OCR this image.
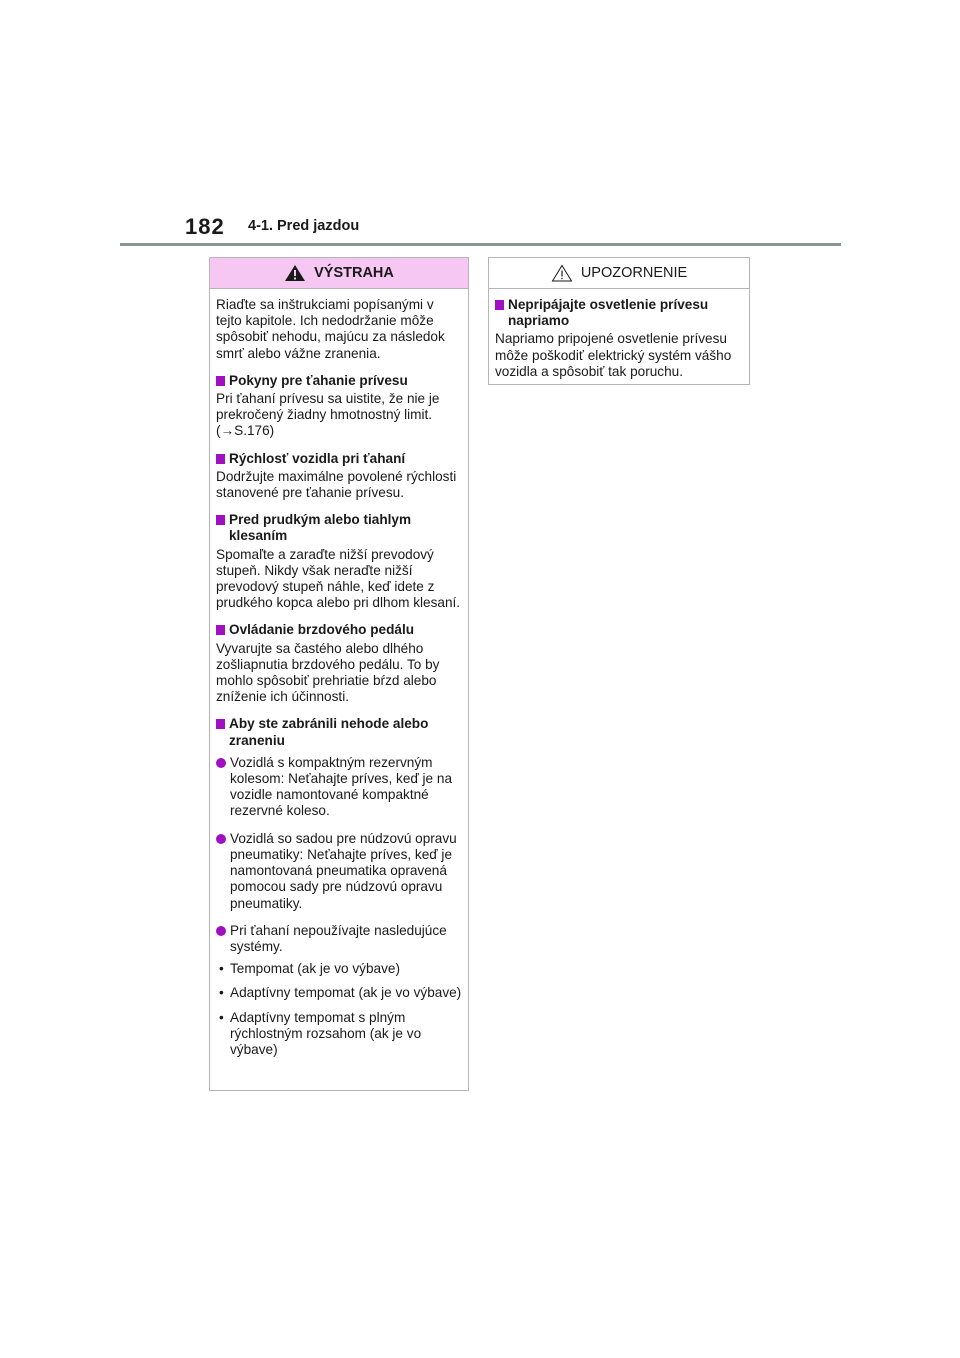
182 4-1. Pred jazdou
VÝSTRAHA

Riaďte sa inštrukciami popísanými v tejto kapitole. Ich nedodržanie môže spôsobiť nehodu, majúcu za následok smrť alebo vážne zranenia.

Pokyny pre ťahanie prívesu

Pri ťahaní prívesu sa uistite, že nie je prekročený žiadny hmotnostný limit. (→S.176)

Rýchlosť vozidla pri ťahaní

Dodržujte maximálne povolené rýchlosti stanovené pre ťahanie prívesu.

Pred prudkým alebo tiahlym klesaním

Spomaľte a zaraďte nižší prevodový stupeň. Nikdy však neraďte nižší prevodový stupeň náhle, keď idete z prudkého kopca alebo pri dlhom klesaní.

Ovládanie brzdového pedálu

Vyvarujte sa častého alebo dlhého zošliapnutia brzdového pedálu. To by mohlo spôsobiť prehriatie bŕzd alebo zníženie ich účinnosti.

Aby ste zabránili nehode alebo zraneniu
Vozidlá s kompaktným rezervným kolesom: Neťahajte príves, keď je na vozidle namontované kompaktné rezervné koleso.
Vozidlá so sadou pre núdzovú opravu pneumatiky: Neťahajte príves, keď je namontovaná pneumatika opravená pomocou sady pre núdzovú opravu pneumatiky.
Pri ťahaní nepoužívajte nasledujúce systémy.
• Tempomat (ak je vo výbave)
• Adaptívny tempomat (ak je vo výbave)
• Adaptívny tempomat s plným rýchlostným rozsahom (ak je vo výbave)
UPOZORNENIE
Nepripájajte osvetlenie prívesu napriamo

Napriamo pripojené osvetlenie prívesu môže poškodiť elektrický systém vášho vozidla a spôsobiť tak poruchu.
